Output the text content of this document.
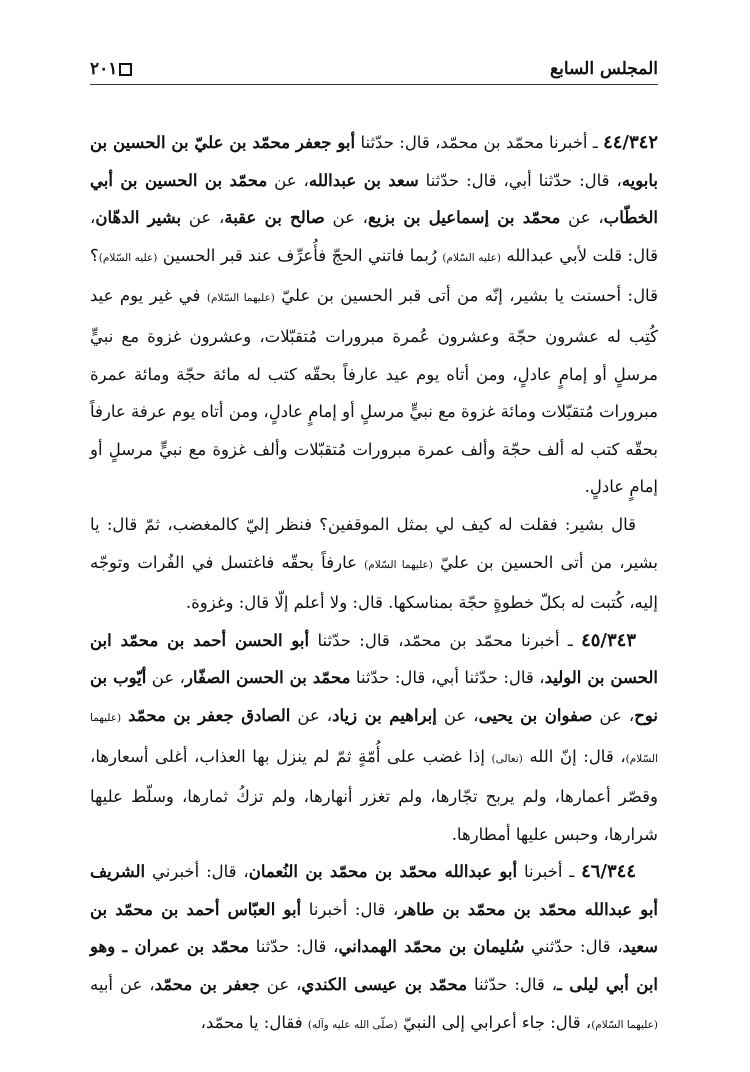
المجلس السابع
٢٠١

٤٤/٣٤٢ ـ أخبرنا محمّد بن محمّد، قال: حدّثنا أبو جعفر محمّد بن عليّ بن الحسين بن بابويه، قال: حدّثنا أبي، قال: حدّثنا سعد بن عبدالله، عن محمّد بن الحسين بن أبي الخطّاب، عن محمّد بن إسماعيل بن بزيع، عن صالح بن عقبة، عن بشير الدهّان، قال: قلت لأبي عبدالله (عليه السّلام) رُبما فاتني الحجّ فأُعرِّف عند قبر الحسين (عليه السّلام)؟ قال: أحسنت يا بشير، إنّه من أتى قبر الحسين بن عليّ (عليهما السّلام) في غير يوم عيد كُتِب له عشرون حجّة وعشرون عُمرة مبرورات مُتقبّلات، وعشرون غزوة مع نبيٍّ مرسلٍ أو إمامٍ عادلٍ، ومن أتاه يوم عيد عارفاً بحقّه كتب له مائة حجّة ومائة عمرة مبرورات مُتقبّلات ومائة غزوة مع نبيٍّ مرسلٍ أو إمامٍ عادلٍ، ومن أتاه يوم عرفة عارفاً بحقّه كتب له ألف حجّة وألف عمرة مبرورات مُتقبّلات وألف غزوة مع نبيٍّ مرسلٍ أو إمامٍ عادلٍ.

قال بشير: فقلت له كيف لي بمثل الموقفين؟ فنظر إليّ كالمغضب، ثمّ قال: يا بشير، من أتى الحسين بن عليّ (عليهما السّلام) عارفاً بحقّه فاغتسل في الفُرات وتوجّه إليه، كُتبت له بكلّ خطوةٍ حجّة بمناسكها. قال: ولا أعلم إلّا قال: وغزوة.

٤٥/٣٤٣ ـ أخبرنا محمّد بن محمّد، قال: حدّثنا أبو الحسن أحمد بن محمّد ابن الحسن بن الوليد، قال: حدّثنا أبي، قال: حدّثنا محمّد بن الحسن الصفّار، عن أيّوب بن نوح، عن صفوان بن يحيى، عن إبراهيم بن زياد، عن الصادق جعفر بن محمّد (عليهما السّلام)، قال: إنّ الله (تعالى) إذا غضب على أُمّةٍ ثمّ لم ينزل بها العذاب، أغلى أسعارها، وقصّر أعمارها، ولم يربح تجّارها، ولم تغزر أنهارها، ولم تزكُ ثمارها، وسلّط عليها شرارها، وحبس عليها أمطارها.

٤٦/٣٤٤ ـ أخبرنا أبو عبدالله محمّد بن محمّد بن النُعمان، قال: أخبرني الشريف أبو عبدالله محمّد بن محمّد بن طاهر، قال: أخبرنا أبو العبّاس أحمد بن محمّد بن سعيد، قال: حدّثني سُليمان بن محمّد الهمداني، قال: حدّثنا محمّد بن عمران ـ وهو ابن أبي ليلى ـ، قال: حدّثنا محمّد بن عيسى الكندي، عن جعفر بن محمّد، عن أبيه (عليهما السّلام)، قال: جاء أعرابي إلى النبيّ (صلّى الله عليه وآله) فقال: يا محمّد،
